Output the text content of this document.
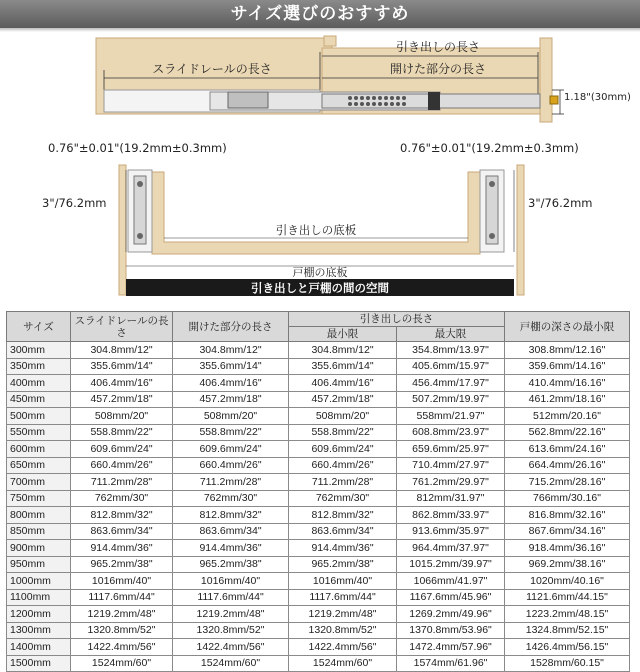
サイズ選びのおすすめ
引き出しの長さ
開けた部分の長さ
スライドレールの長さ
1.18"(30mm)
0.76"±0.01"(19.2mm±0.3mm)	0.76"±0.01"(19.2mm±0.3mm)
3"/76.2mm	3"/76.2mm
引き出しの底板
戸棚の底板
引き出しと戸棚の間の空間
サイズ	スライドレールの長さ	開けた部分の長さ	引き出しの長さ		戸棚の深さの最小限
			最小限	最大限	
300mm	304.8mm/12"	304.8mm/12"	304.8mm/12"	354.8mm/13.97"	308.8mm/12.16"
350mm	355.6mm/14"	355.6mm/14"	355.6mm/14"	405.6mm/15.97"	359.6mm/14.16"
400mm	406.4mm/16"	406.4mm/16"	406.4mm/16"	456.4mm/17.97"	410.4mm/16.16"
450mm	457.2mm/18"	457.2mm/18"	457.2mm/18"	507.2mm/19.97"	461.2mm/18.16"
500mm	508mm/20"	508mm/20"	508mm/20"	558mm/21.97"	512mm/20.16"
550mm	558.8mm/22"	558.8mm/22"	558.8mm/22"	608.8mm/23.97"	562.8mm/22.16"
600mm	609.6mm/24"	609.6mm/24"	609.6mm/24"	659.6mm/25.97"	613.6mm/24.16"
650mm	660.4mm/26"	660.4mm/26"	660.4mm/26"	710.4mm/27.97"	664.4mm/26.16"
700mm	711.2mm/28"	711.2mm/28"	711.2mm/28"	761.2mm/29.97"	715.2mm/28.16"
750mm	762mm/30"	762mm/30"	762mm/30"	812mm/31.97"	766mm/30.16"
800mm	812.8mm/32"	812.8mm/32"	812.8mm/32"	862.8mm/33.97"	816.8mm/32.16"
850mm	863.6mm/34"	863.6mm/34"	863.6mm/34"	913.6mm/35.97"	867.6mm/34.16"
900mm	914.4mm/36"	914.4mm/36"	914.4mm/36"	964.4mm/37.97"	918.4mm/36.16"
950mm	965.2mm/38"	965.2mm/38"	965.2mm/38"	1015.2mm/39.97"	969.2mm/38.16"
1000mm	1016mm/40"	1016mm/40"	1016mm/40"	1066mm/41.97"	1020mm/40.16"
1100mm	1117.6mm/44"	1117.6mm/44"	1117.6mm/44"	1167.6mm/45.96"	1121.6mm/44.15"
1200mm	1219.2mm/48"	1219.2mm/48"	1219.2mm/48"	1269.2mm/49.96"	1223.2mm/48.15"
1300mm	1320.8mm/52"	1320.8mm/52"	1320.8mm/52"	1370.8mm/53.96"	1324.8mm/52.15"
1400mm	1422.4mm/56"	1422.4mm/56"	1422.4mm/56"	1472.4mm/57.96"	1426.4mm/56.15"
1500mm	1524mm/60"	1524mm/60"	1524mm/60"	1574mm/61.96"	1528mm/60.15"
